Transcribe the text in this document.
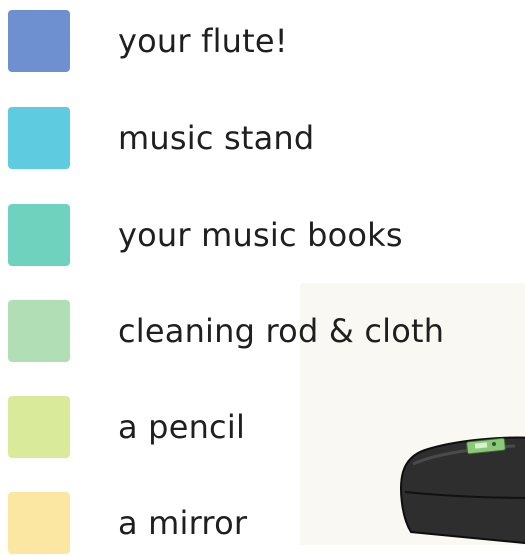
your flute!
music stand
your music books
cleaning rod & cloth
a pencil
a mirror
